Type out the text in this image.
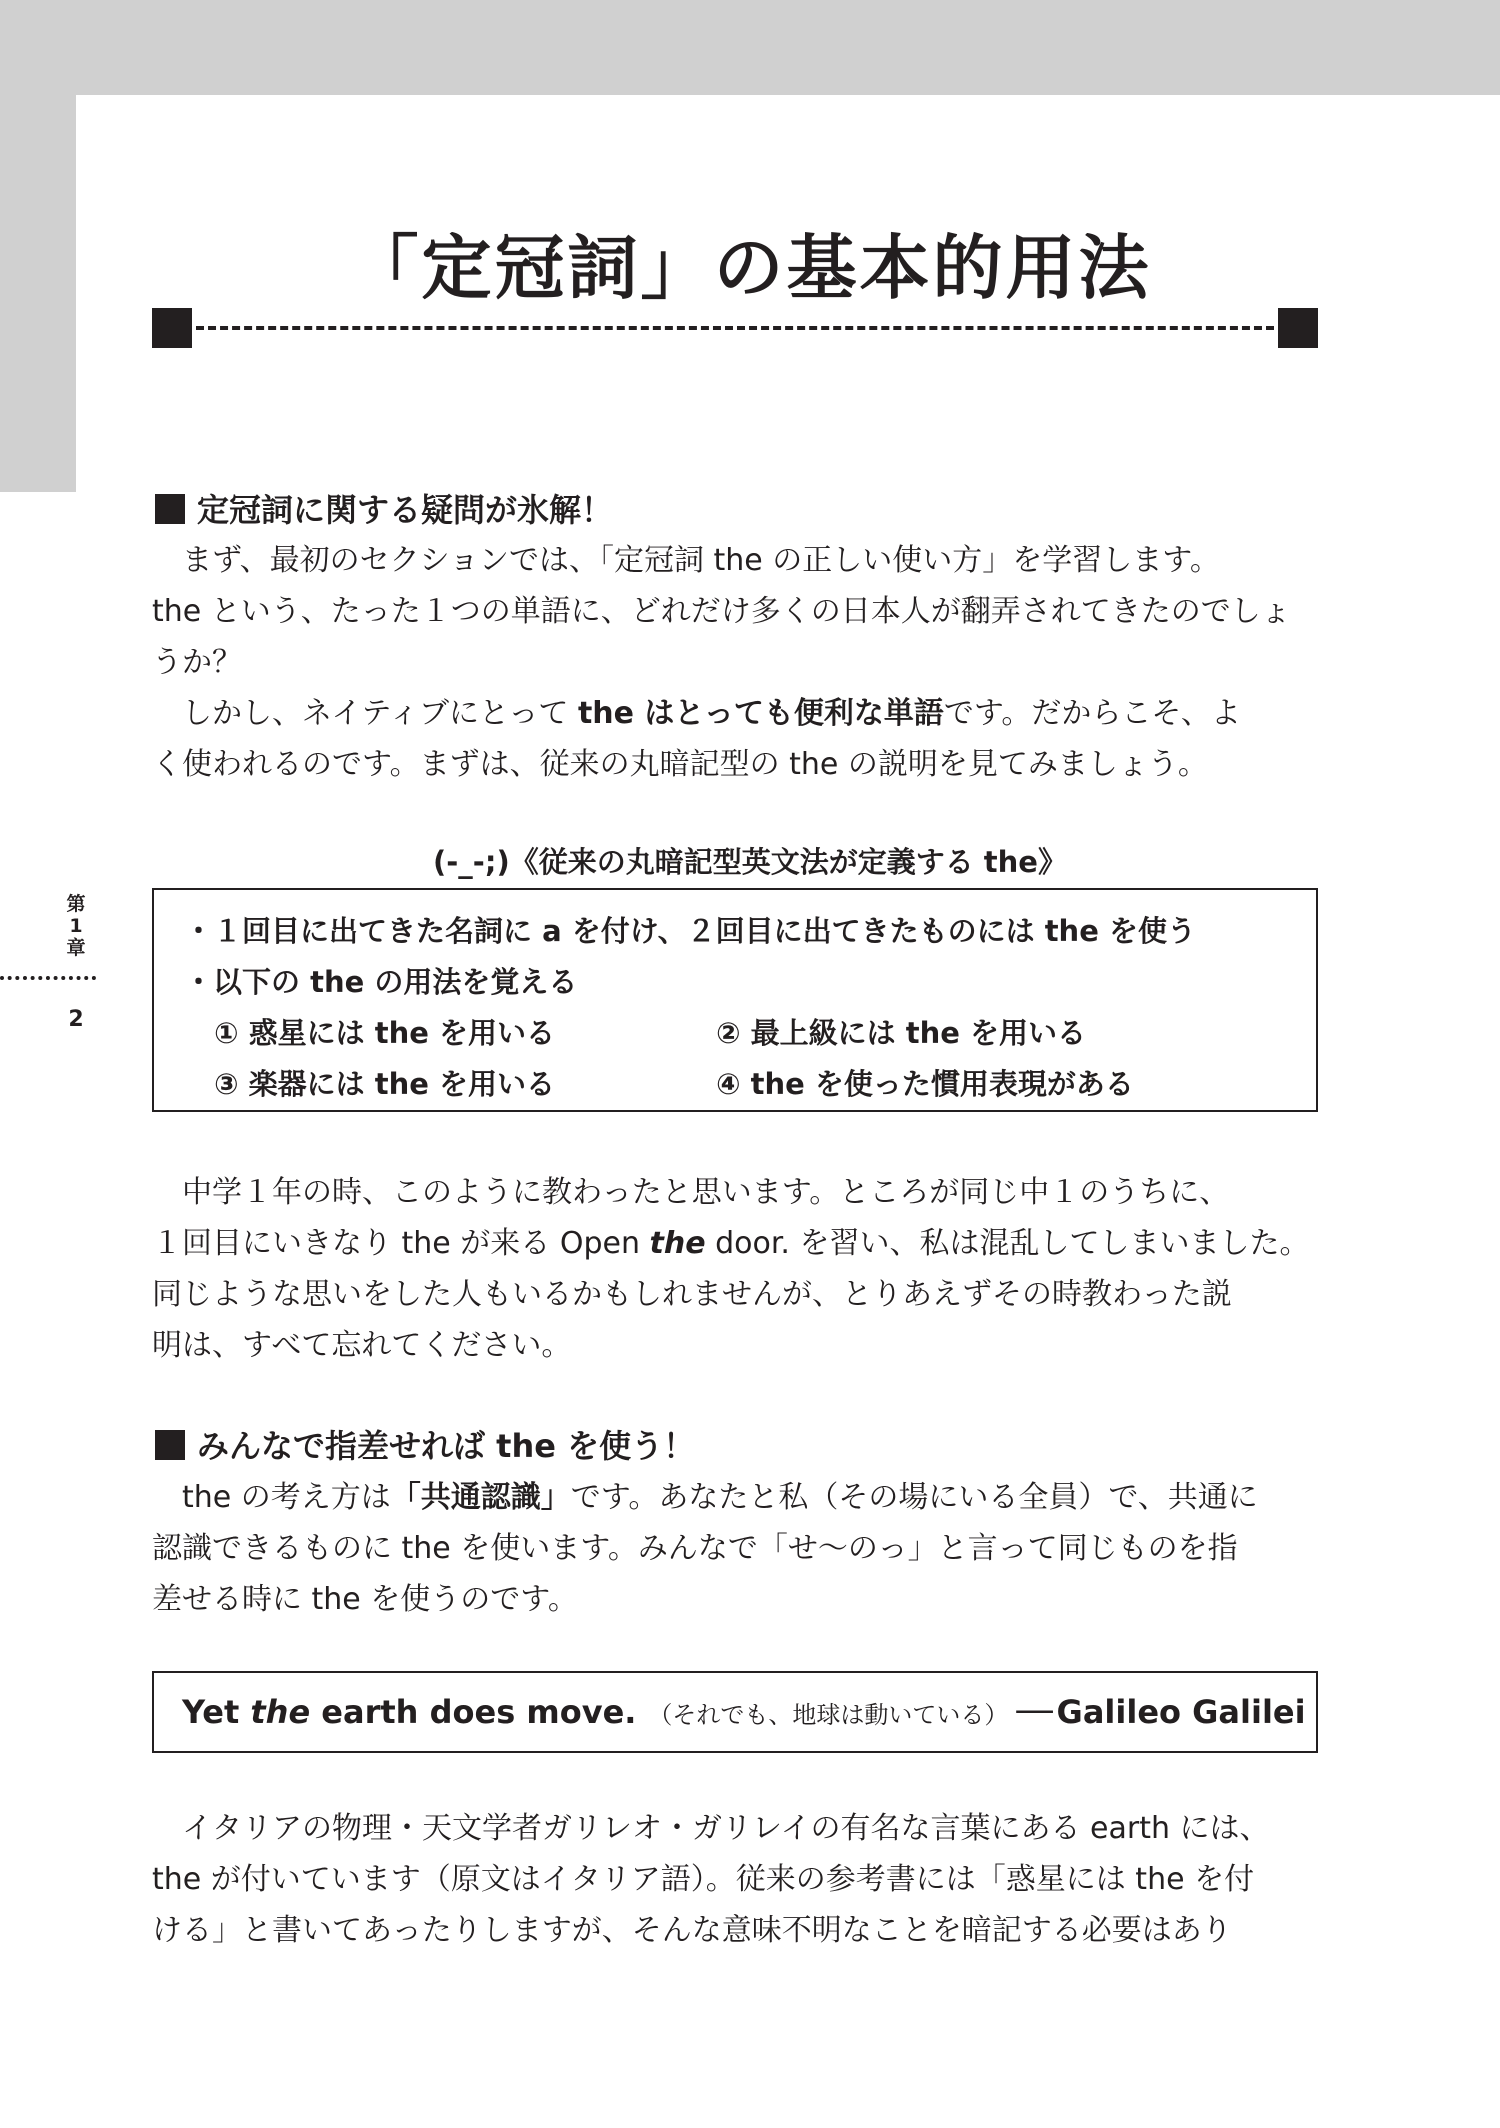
「定冠詞」の基本的用法
定冠詞に関する疑問が氷解！
　まず、最初のセクションでは、「定冠詞 the の正しい使い方」を学習します。
the という、たった１つの単語に、どれだけ多くの日本人が翻弄されてきたのでしょ
うか？
　しかし、ネイティブにとって the はとっても便利な単語です。だからこそ、よ
く使われるのです。まずは、従来の丸暗記型の the の説明を見てみましょう。
(-_-;)《従来の丸暗記型英文法が定義する the》
・１回目に出てきた名詞に a を付け、２回目に出てきたものには the を使う
・以下の the の用法を覚える
① 惑星には the を用いる	② 最上級には the を用いる
③ 楽器には the を用いる	④ the を使った慣用表現がある
第1章
2
　中学１年の時、このように教わったと思います。ところが同じ中１のうちに、
１回目にいきなり the が来る Open the door. を習い、私は混乱してしまいました。
同じような思いをした人もいるかもしれませんが、とりあえずその時教わった説
明は、すべて忘れてください。
みんなで指差せれば the を使う！
　the の考え方は「共通認識」です。あなたと私（その場にいる全員）で、共通に
認識できるものに the を使います。みんなで「せ〜のっ」と言って同じものを指
差せる時に the を使うのです。
Yet the earth does move. （それでも、地球は動いている） ── Galileo Galilei
　イタリアの物理・天文学者ガリレオ・ガリレイの有名な言葉にある earth には、
the が付いています（原文はイタリア語）。従来の参考書には「惑星には the を付
ける」と書いてあったりしますが、そんな意味不明なことを暗記する必要はあり
